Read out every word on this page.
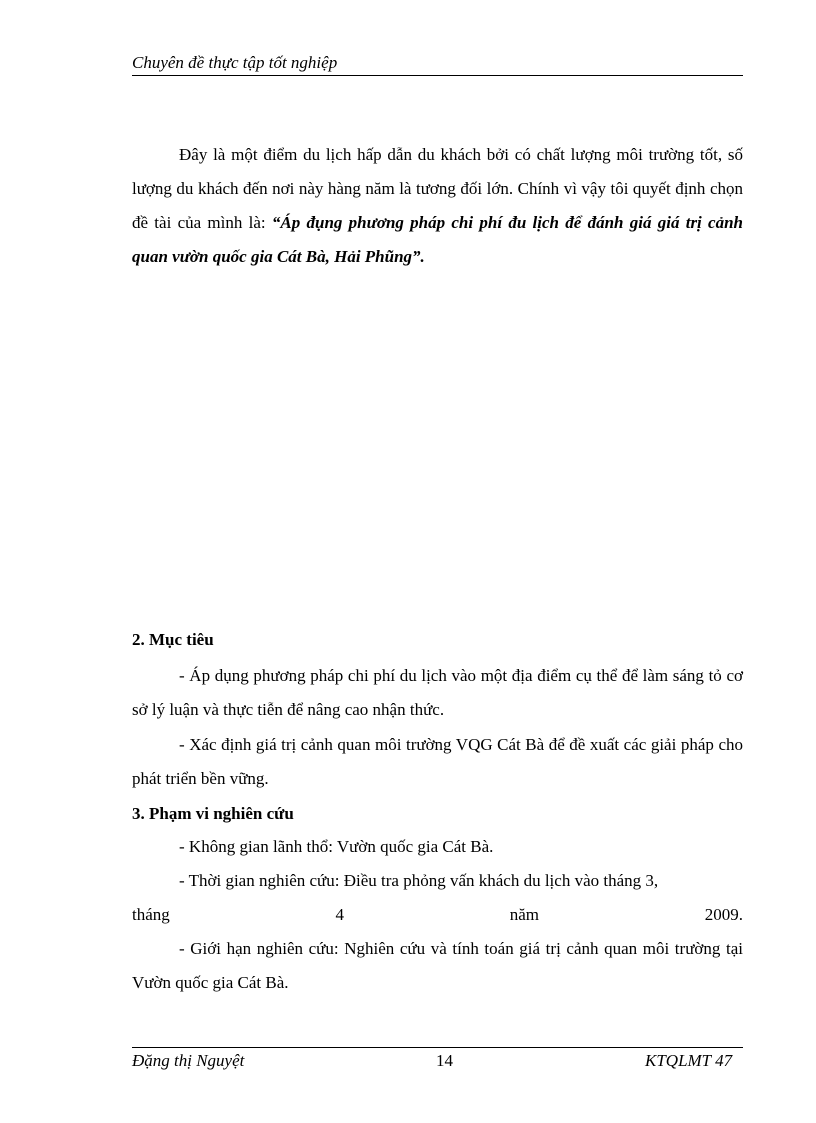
Chuyên đề thực tập tốt nghiệp
Đây là một điểm du lịch hấp dẫn du khách bởi có chất lượng môi trường tốt, số lượng du khách đến nơi này hàng năm là tương đối lớn. Chính vì vậy tôi quyết định chọn đề tài của mình là: “Áp đụng phương pháp chi phí đu lịch để đánh giá giá trị cảnh quan vườn quốc gia Cát Bà, Hải Phũng”.
2. Mục tiêu
- Áp dụng phương pháp chi phí du lịch vào một địa điểm cụ thể để làm sáng tỏ cơ sở lý luận và thực tiễn để nâng cao nhận thức.
- Xác định giá trị cảnh quan môi trường VQG Cát Bà để đề xuất các giải pháp cho phát triển bền vững.
3. Phạm vi nghiên cứu
- Không gian lãnh thổ: Vườn quốc gia Cát Bà.
- Thời gian nghiên cứu: Điều tra phỏng vấn khách du lịch vào tháng 3,
tháng	4	năm	2009.
- Giới hạn nghiên cứu: Nghiên cứu và tính toán giá trị cảnh quan môi trường tại Vườn quốc gia Cát Bà.
Đặng thị Nguyệt	14	KTQLMT 47
